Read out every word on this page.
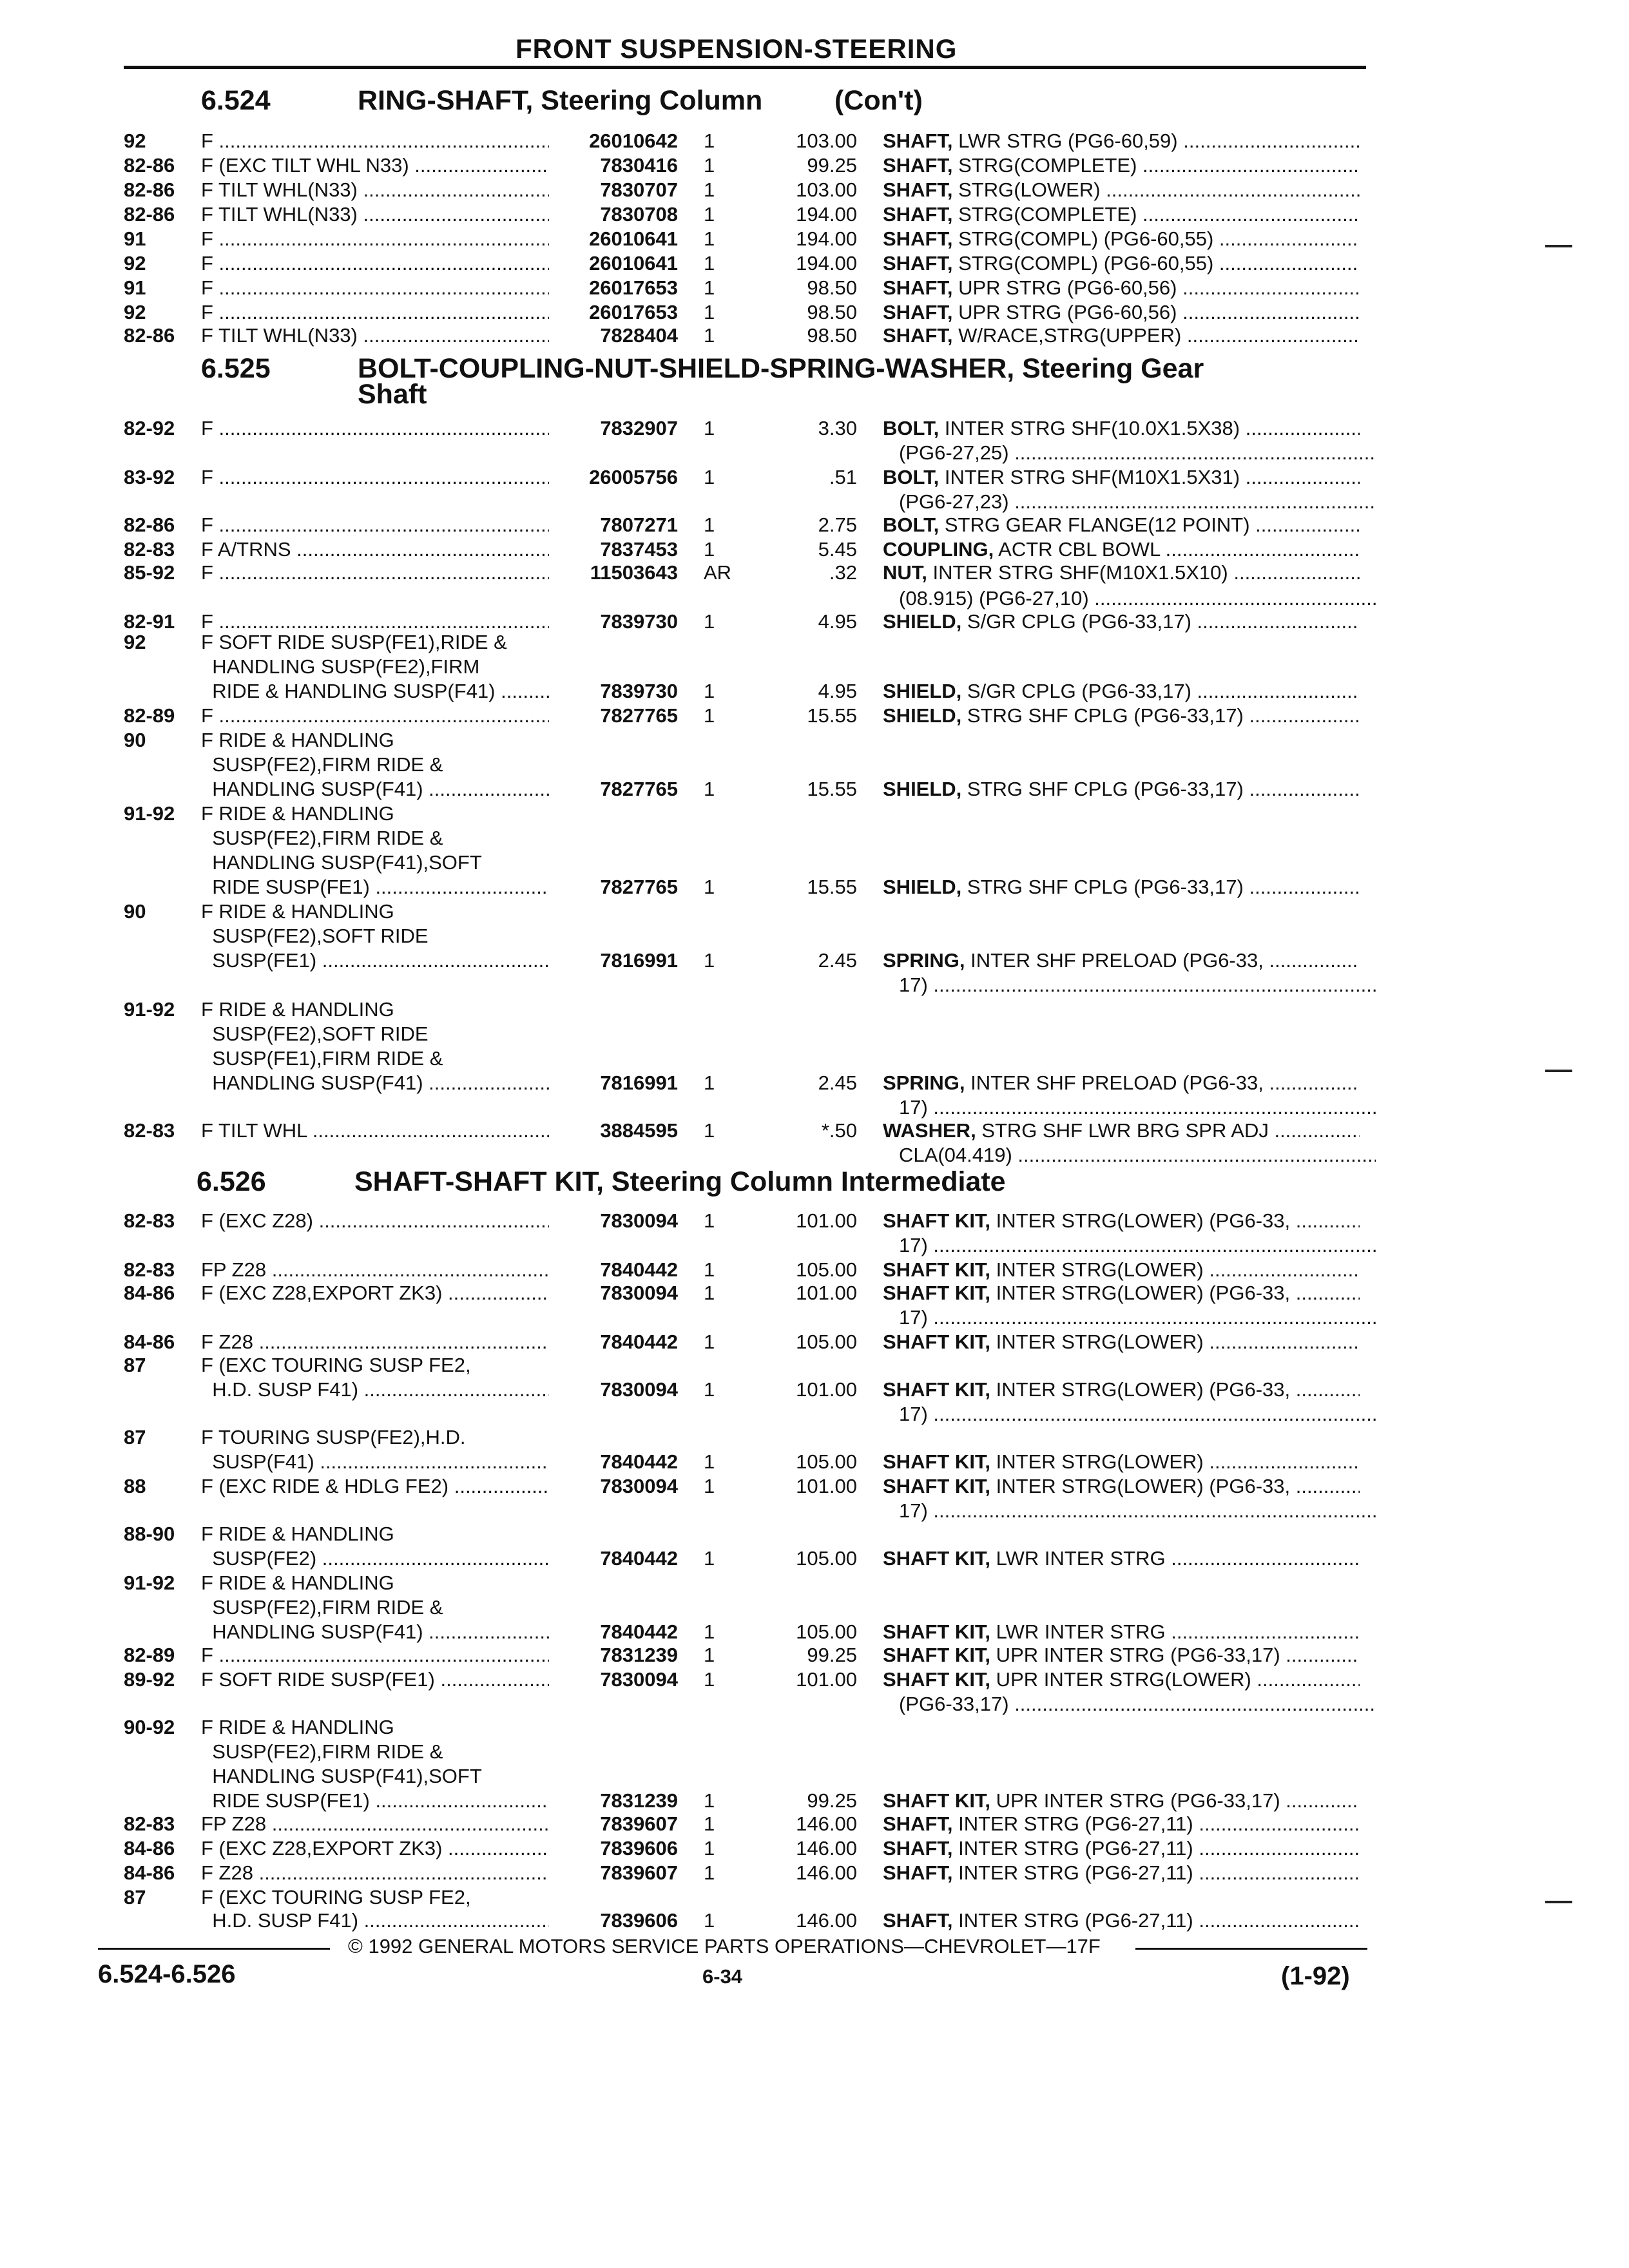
FRONT SUSPENSION-STEERING
6.524	RING-SHAFT, Steering Column	(Con't)
6.525	BOLT-COUPLING-NUT-SHIELD-SPRING-WASHER, Steering Gear
Shaft
6.526	SHAFT-SHAFT KIT, Steering Column Intermediate
92	F .....	26010642 1	103.00 SHAFT, LWR STRG (PG6-60,59) .....
82-86	F (EXC TILT WHL N33) .....	7830416 1	99.25 SHAFT, STRG(COMPLETE) .....
82-86	F TILT WHL(N33) .....	7830707 1	103.00 SHAFT, STRG(LOWER) .....
82-86	F TILT WHL(N33) .....	7830708 1	194.00 SHAFT, STRG(COMPLETE) .....
91	F .....	26010641 1	194.00 SHAFT, STRG(COMPL) (PG6-60,55) .....
92	F .....	26010641 1	194.00 SHAFT, STRG(COMPL) (PG6-60,55) .....
91	F .....	26017653 1	98.50 SHAFT, UPR STRG (PG6-60,56) .....
92	F .....	26017653 1	98.50 SHAFT, UPR STRG (PG6-60,56) .....
82-86	F TILT WHL(N33) .....	7828404 1	98.50 SHAFT, W/RACE,STRG(UPPER) .....
82-92	F .....	7832907 1	3.30 BOLT, INTER STRG SHF(10.0X1.5X38) .....
(PG6-27,25) .....
83-92	F .....	26005756 1	.51 BOLT, INTER STRG SHF(M10X1.5X31) .....
(PG6-27,23) .....
82-86	F .....	7807271 1	2.75 BOLT, STRG GEAR FLANGE(12 POINT) .....
82-83	F A/TRNS .....	7837453 1	5.45 COUPLING, ACTR CBL BOWL .....
85-92	F .....	11503643 AR	.32 NUT, INTER STRG SHF(M10X1.5X10) .....
(08.915) (PG6-27,10) .....
82-91	F .....	7839730 1	4.95 SHIELD, S/GR CPLG (PG6-33,17) .....
92	F SOFT RIDE SUSP(FE1),RIDE &
HANDLING SUSP(FE2),FIRM
RIDE & HANDLING SUSP(F41) .....	7839730 1	4.95 SHIELD, S/GR CPLG (PG6-33,17) .....
82-89	F .....	7827765 1	15.55 SHIELD, STRG SHF CPLG (PG6-33,17) .....
90	F RIDE & HANDLING
SUSP(FE2),FIRM RIDE &
HANDLING SUSP(F41) .....	7827765 1	15.55 SHIELD, STRG SHF CPLG (PG6-33,17) .....
91-92	F RIDE & HANDLING
SUSP(FE2),FIRM RIDE &
HANDLING SUSP(F41),SOFT
RIDE SUSP(FE1) .....	7827765 1	15.55 SHIELD, STRG SHF CPLG (PG6-33,17) .....
90	F RIDE & HANDLING
SUSP(FE2),SOFT RIDE
SUSP(FE1) .....	7816991 1	2.45 SPRING, INTER SHF PRELOAD (PG6-33, .....
17) .....
91-92	F RIDE & HANDLING
SUSP(FE2),SOFT RIDE
SUSP(FE1),FIRM RIDE &
HANDLING SUSP(F41) .....	7816991 1	2.45 SPRING, INTER SHF PRELOAD (PG6-33, .....
17) .....
82-83	F TILT WHL .....	3884595 1	*.50 WASHER, STRG SHF LWR BRG SPR ADJ .....
CLA(04.419) .....
82-83	F (EXC Z28) .....	7830094 1	101.00 SHAFT KIT, INTER STRG(LOWER) (PG6-33, .....
17) .....
82-83	FP Z28 .....	7840442 1	105.00 SHAFT KIT, INTER STRG(LOWER) .....
84-86	F (EXC Z28,EXPORT ZK3) .....	7830094 1	101.00 SHAFT KIT, INTER STRG(LOWER) (PG6-33, .....
17) .....
84-86	F Z28 .....	7840442 1	105.00 SHAFT KIT, INTER STRG(LOWER) .....
87	F (EXC TOURING SUSP FE2,
H.D. SUSP F41) .....	7830094 1	101.00 SHAFT KIT, INTER STRG(LOWER) (PG6-33, .....
17) .....
87	F TOURING SUSP(FE2),H.D.
SUSP(F41) .....	7840442 1	105.00 SHAFT KIT, INTER STRG(LOWER) .....
88	F (EXC RIDE & HDLG FE2) .....	7830094 1	101.00 SHAFT KIT, INTER STRG(LOWER) (PG6-33, .....
17) .....
88-90	F RIDE & HANDLING
SUSP(FE2) .....	7840442 1	105.00 SHAFT KIT, LWR INTER STRG .....
91-92	F RIDE & HANDLING
SUSP(FE2),FIRM RIDE &
HANDLING SUSP(F41) .....	7840442 1	105.00 SHAFT KIT, LWR INTER STRG .....
82-89	F .....	7831239 1	99.25 SHAFT KIT, UPR INTER STRG (PG6-33,17) .....
89-92	F SOFT RIDE SUSP(FE1) .....	7830094 1	101.00 SHAFT KIT, UPR INTER STRG(LOWER) .....
(PG6-33,17) .....
90-92	F RIDE & HANDLING
SUSP(FE2),FIRM RIDE &
HANDLING SUSP(F41),SOFT
RIDE SUSP(FE1) .....	7831239 1	99.25 SHAFT KIT, UPR INTER STRG (PG6-33,17) .....
82-83	FP Z28 .....	7839607 1	146.00 SHAFT, INTER STRG (PG6-27,11) .....
84-86	F (EXC Z28,EXPORT ZK3) .....	7839606 1	146.00 SHAFT, INTER STRG (PG6-27,11) .....
84-86	F Z28 .....	7839607 1	146.00 SHAFT, INTER STRG (PG6-27,11) .....
87	F (EXC TOURING SUSP FE2,
H.D. SUSP F41) .....	7839606 1	146.00 SHAFT, INTER STRG (PG6-27,11) .....
© 1992 GENERAL MOTORS SERVICE PARTS OPERATIONS—CHEVROLET—17F
6.524-6.526	6-34	(1-92)
